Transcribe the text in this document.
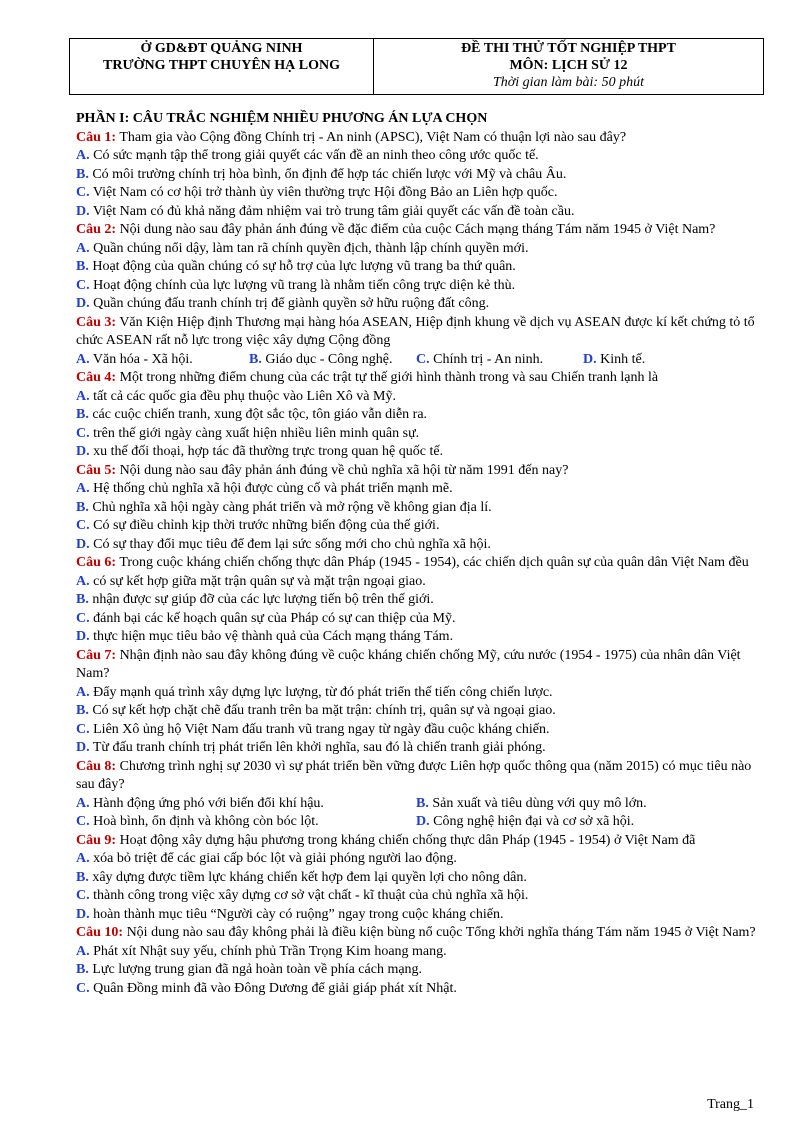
Ở GD&ĐT QUẢNG NINH
TRƯỜNG THPT CHUYÊN HẠ LONG

ĐỀ THI THỬ TỐT NGHIỆP THPT
MÔN: LỊCH SỬ 12
Thời gian làm bài: 50 phút

PHẦN I: CÂU TRẮC NGHIỆM NHIỀU PHƯƠNG ÁN LỰA CHỌN

Câu 1: Tham gia vào Cộng đồng Chính trị - An ninh (APSC), Việt Nam có thuận lợi nào sau đây?

A. Có sức mạnh tập thể trong giải quyết các vấn đề an ninh theo công ước quốc tế.

B. Có môi trường chính trị hòa bình, ổn định để hợp tác chiến lược với Mỹ và châu Âu.

C. Việt Nam có cơ hội trở thành ủy viên thường trực Hội đồng Bảo an Liên hợp quốc.

D. Việt Nam có đủ khả năng đảm nhiệm vai trò trung tâm giải quyết các vấn đề toàn cầu.

Câu 2: Nội dung nào sau đây phản ánh đúng về đặc điểm của cuộc Cách mạng tháng Tám năm 1945 ở Việt Nam?

A. Quần chúng nổi dậy, làm tan rã chính quyền địch, thành lập chính quyền mới.

B. Hoạt động của quần chúng có sự hỗ trợ của lực lượng vũ trang ba thứ quân.

C. Hoạt động chính của lực lượng vũ trang là nhằm tiến công trực diện kẻ thù.

D. Quần chúng đấu tranh chính trị để giành quyền sở hữu ruộng đất công.

Câu 3: Văn Kiện Hiệp định Thương mại hàng hóa ASEAN, Hiệp định khung về dịch vụ ASEAN được kí kết chứng tỏ tổ chức ASEAN rất nỗ lực trong việc xây dựng Cộng đồng

A. Văn hóa - Xã hội.	B. Giáo dục - Công nghệ. C. Chính trị - An ninh.	D. Kinh tế.

Câu 4: Một trong những điểm chung của các trật tự thế giới hình thành trong và sau Chiến tranh lạnh là

A. tất cả các quốc gia đều phụ thuộc vào Liên Xô và Mỹ.

B. các cuộc chiến tranh, xung đột sắc tộc, tôn giáo vẫn diễn ra.

C. trên thế giới ngày càng xuất hiện nhiều liên minh quân sự.

D. xu thế đối thoại, hợp tác đã thường trực trong quan hệ quốc tế.

Câu 5: Nội dung nào sau đây phản ánh đúng về chủ nghĩa xã hội từ năm 1991 đến nay?

A. Hệ thống chủ nghĩa xã hội được củng cố và phát triển mạnh mẽ.

B. Chủ nghĩa xã hội ngày càng phát triển và mở rộng về không gian địa lí.

C. Có sự điều chỉnh kịp thời trước những biến động của thế giới.

D. Có sự thay đổi mục tiêu để đem lại sức sống mới cho chủ nghĩa xã hội.

Câu 6: Trong cuộc kháng chiến chống thực dân Pháp (1945 - 1954), các chiến dịch quân sự của quân dân Việt Nam đều

A. có sự kết hợp giữa mặt trận quân sự và mặt trận ngoại giao.

B. nhận được sự giúp đỡ của các lực lượng tiến bộ trên thế giới.

C. đánh bại các kế hoạch quân sự của Pháp có sự can thiệp của Mỹ.

D. thực hiện mục tiêu bảo vệ thành quả của Cách mạng tháng Tám.

Câu 7: Nhận định nào sau đây không đúng về cuộc kháng chiến chống Mỹ, cứu nước (1954 - 1975) của nhân dân Việt Nam?

A. Đẩy mạnh quá trình xây dựng lực lượng, từ đó phát triển thế tiến công chiến lược.

B. Có sự kết hợp chặt chẽ đấu tranh trên ba mặt trận: chính trị, quân sự và ngoại giao.

C. Liên Xô ủng hộ Việt Nam đấu tranh vũ trang ngay từ ngày đầu cuộc kháng chiến.

D. Từ đấu tranh chính trị phát triển lên khởi nghĩa, sau đó là chiến tranh giải phóng.

Câu 8: Chương trình nghị sự 2030 vì sự phát triển bền vững được Liên hợp quốc thông qua (năm 2015) có mục tiêu nào sau đây?

A. Hành động ứng phó với biến đổi khí hậu.	B. Sản xuất và tiêu dùng với quy mô lớn.

C. Hoà bình, ổn định và không còn bóc lột.	D. Công nghệ hiện đại và cơ sở xã hội.

Câu 9: Hoạt động xây dựng hậu phương trong kháng chiến chống thực dân Pháp (1945 - 1954) ở Việt Nam đã

A. xóa bỏ triệt để các giai cấp bóc lột và giải phóng người lao động.

B. xây dựng được tiềm lực kháng chiến kết hợp đem lại quyền lợi cho nông dân.

C. thành công trong việc xây dựng cơ sở vật chất - kĩ thuật của chủ nghĩa xã hội.

D. hoàn thành mục tiêu “Người cày có ruộng” ngay trong cuộc kháng chiến.

Câu 10: Nội dung nào sau đây không phải là điều kiện bùng nổ cuộc Tổng khởi nghĩa tháng Tám năm 1945 ở Việt Nam?

A. Phát xít Nhật suy yếu, chính phủ Trần Trọng Kim hoang mang.

B. Lực lượng trung gian đã ngả hoàn toàn về phía cách mạng.

C. Quân Đồng minh đã vào Đông Dương để giải giáp phát xít Nhật.

Trang_1
